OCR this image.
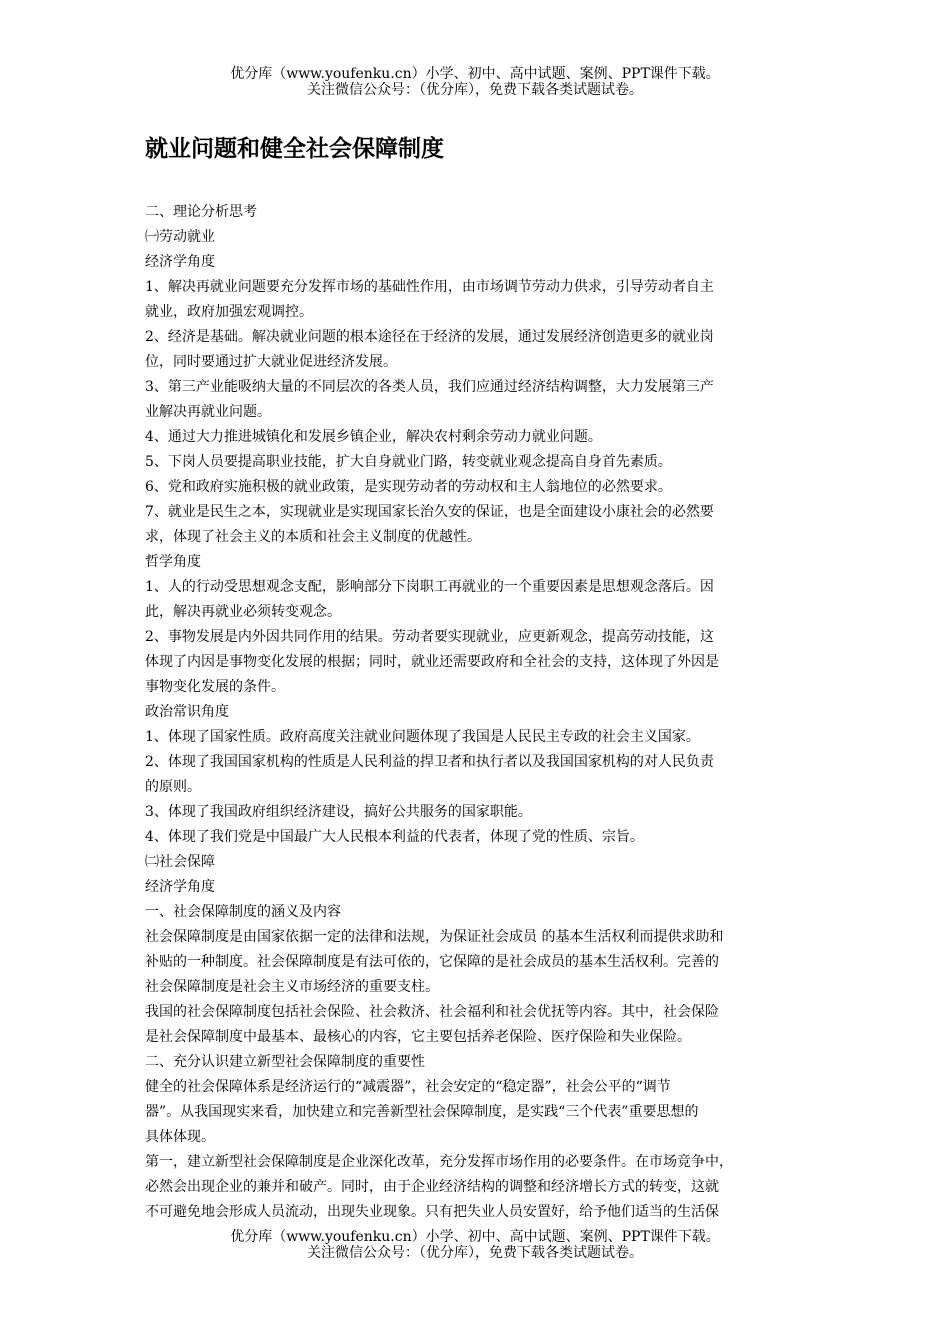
优分库（www.youfenku.cn）小学、初中、高中试题、案例、PPT课件下载。
关注微信公众号：（优分库），免费下载各类试题试卷。
就业问题和健全社会保障制度

二、理论分析思考

㈠劳动就业

经济学角度

1、解决再就业问题要充分发挥市场的基础性作用，由市场调节劳动力供求，引导劳动者自主

就业，政府加强宏观调控。

2、经济是基础。解决就业问题的根本途径在于经济的发展，通过发展经济创造更多的就业岗

位，同时要通过扩大就业促进经济发展。

3、第三产业能吸纳大量的不同层次的各类人员，我们应通过经济结构调整，大力发展第三产

业解决再就业问题。

4、通过大力推进城镇化和发展乡镇企业，解决农村剩余劳动力就业问题。

5、下岗人员要提高职业技能，扩大自身就业门路，转变就业观念提高自身首先素质。

6、党和政府实施积极的就业政策，是实现劳动者的劳动权和主人翁地位的必然要求。

7、就业是民生之本，实现就业是实现国家长治久安的保证，也是全面建设小康社会的必然要

求，体现了社会主义的本质和社会主义制度的优越性。

哲学角度

1、人的行动受思想观念支配，影响部分下岗职工再就业的一个重要因素是思想观念落后。因

此，解决再就业必须转变观念。

2、事物发展是内外因共同作用的结果。劳动者要实现就业，应更新观念，提高劳动技能，这

体现了内因是事物变化发展的根据；同时，就业还需要政府和全社会的支持，这体现了外因是

事物变化发展的条件。

政治常识角度

1、体现了国家性质。政府高度关注就业问题体现了我国是人民民主专政的社会主义国家。

2、体现了我国国家机构的性质是人民利益的捍卫者和执行者以及我国国家机构的对人民负责

的原则。

3、体现了我国政府组织经济建设，搞好公共服务的国家职能。

4、体现了我们党是中国最广大人民根本利益的代表者，体现了党的性质、宗旨。

㈡社会保障

经济学角度

一、社会保障制度的涵义及内容

社会保障制度是由国家依据一定的法律和法规，为保证社会成员 的基本生活权利而提供求助和

补贴的一种制度。社会保障制度是有法可依的，它保障的是社会成员的基本生活权利。完善的

社会保障制度是社会主义市场经济的重要支柱。

我国的社会保障制度包括社会保险、社会救济、社会福利和社会优抚等内容。其中，社会保险

是社会保障制度中最基本、最核心的内容，它主要包括养老保险、医疗保险和失业保险。

二、充分认识建立新型社会保障制度的重要性

健全的社会保障体系是经济运行的“减震器”，社会安定的“稳定器”，社会公平的“调节

器”。从我国现实来看，加快建立和完善新型社会保障制度，是实践“三个代表”重要思想的

具体体现。

第一，建立新型社会保障制度是企业深化改革，充分发挥市场作用的必要条件。在市场竞争中，

必然会出现企业的兼并和破产。同时，由于企业经济结构的调整和经济增长方式的转变，这就

不可避免地会形成人员流动，出现失业现象。只有把失业人员安置好，给予他们适当的生活保

优分库（www.youfenku.cn）小学、初中、高中试题、案例、PPT课件下载。
关注微信公众号：（优分库），免费下载各类试题试卷。
